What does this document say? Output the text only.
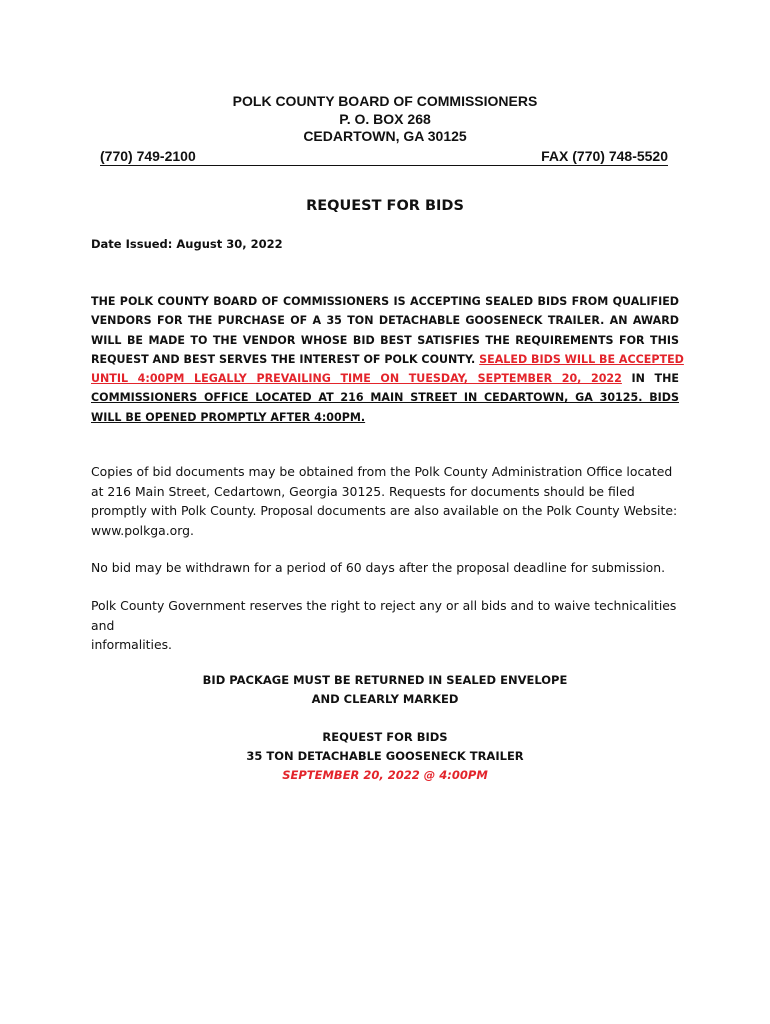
POLK COUNTY BOARD OF COMMISSIONERS
P. O. BOX 268
CEDARTOWN, GA 30125
(770) 749-2100	FAX (770) 748-5520
REQUEST FOR BIDS
Date Issued: August 30, 2022
THE POLK COUNTY BOARD OF COMMISSIONERS IS ACCEPTING SEALED BIDS FROM QUALIFIED
VENDORS FOR THE PURCHASE OF A 35 TON DETACHABLE GOOSENECK TRAILER. AN AWARD
WILL BE MADE TO THE VENDOR WHOSE BID BEST SATISFIES THE REQUIREMENTS FOR THIS
REQUEST AND BEST SERVES THE INTEREST OF POLK COUNTY. SEALED BIDS WILL BE ACCEPTED
UNTIL 4:00PM LEGALLY PREVAILING TIME ON TUESDAY, SEPTEMBER 20, 2022 IN THE
COMMISSIONERS OFFICE LOCATED AT 216 MAIN STREET IN CEDARTOWN, GA 30125. BIDS
WILL BE OPENED PROMPTLY AFTER 4:00PM.
Copies of bid documents may be obtained from the Polk County Administration Office located
at 216 Main Street, Cedartown, Georgia 30125. Requests for documents should be filed
promptly with Polk County. Proposal documents are also available on the Polk County Website:
www.polkga.org.
No bid may be withdrawn for a period of 60 days after the proposal deadline for submission.
Polk County Government reserves the right to reject any or all bids and to waive technicalities and
informalities.
BID PACKAGE MUST BE RETURNED IN SEALED ENVELOPE
AND CLEARLY MARKED
REQUEST FOR BIDS
35 TON DETACHABLE GOOSENECK TRAILER
SEPTEMBER 20, 2022 @ 4:00PM
